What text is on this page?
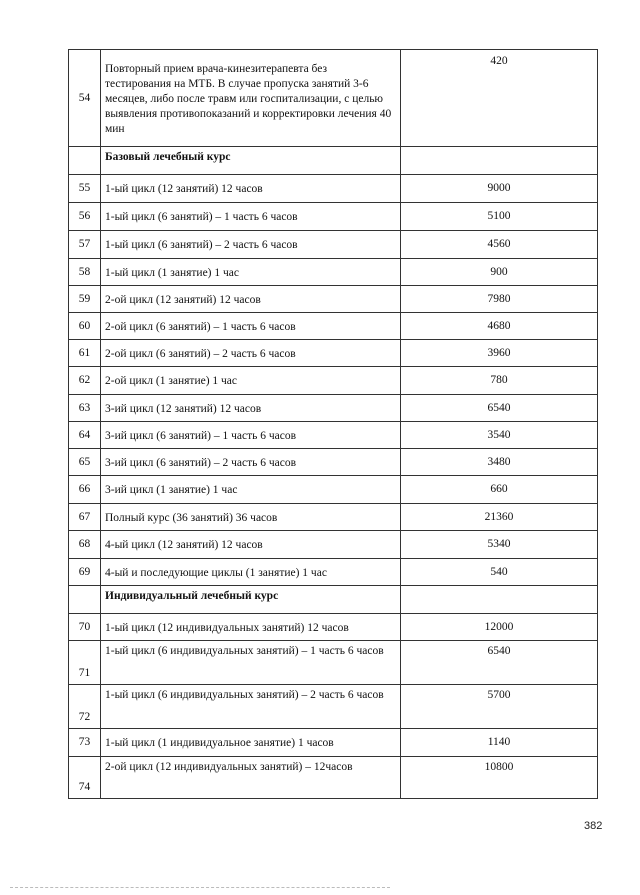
54	Повторный прием врача-кинезитерапевта без тестирования на МТБ. В случае пропуска занятий 3-6 месяцев, либо после травм или госпитализации, с целью выявления противопоказаний и корректировки лечения 40 мин	420
	Базовый лечебный курс	
55	1-ый цикл (12 занятий) 12 часов	9000
56	1-ый цикл (6 занятий) – 1 часть 6 часов	5100
57	1-ый цикл (6 занятий) – 2 часть 6 часов	4560
58	1-ый цикл (1 занятие) 1 час	900
59	2-ой цикл (12 занятий) 12 часов	7980
60	2-ой цикл (6 занятий) – 1 часть 6 часов	4680
61	2-ой цикл (6 занятий) – 2 часть 6 часов	3960
62	2-ой цикл (1 занятие) 1 час	780
63	3-ий цикл (12 занятий) 12 часов	6540
64	3-ий цикл (6 занятий) – 1 часть 6 часов	3540
65	3-ий цикл (6 занятий) – 2 часть 6 часов	3480
66	3-ий цикл (1 занятие) 1 час	660
67	Полный курс (36 занятий) 36 часов	21360
68	4-ый цикл (12 занятий) 12 часов	5340
69	4-ый и последующие циклы (1 занятие) 1 час	540
	Индивидуальный лечебный курс	
70	1-ый цикл (12 индивидуальных занятий) 12 часов	12000
71	1-ый цикл (6 индивидуальных занятий) – 1 часть 6 часов	6540
72	1-ый цикл (6 индивидуальных занятий) – 2 часть 6 часов	5700
73	1-ый цикл (1 индивидуальное занятие) 1 часов	1140
74	2-ой цикл (12 индивидуальных занятий) – 12часов	10800
382
